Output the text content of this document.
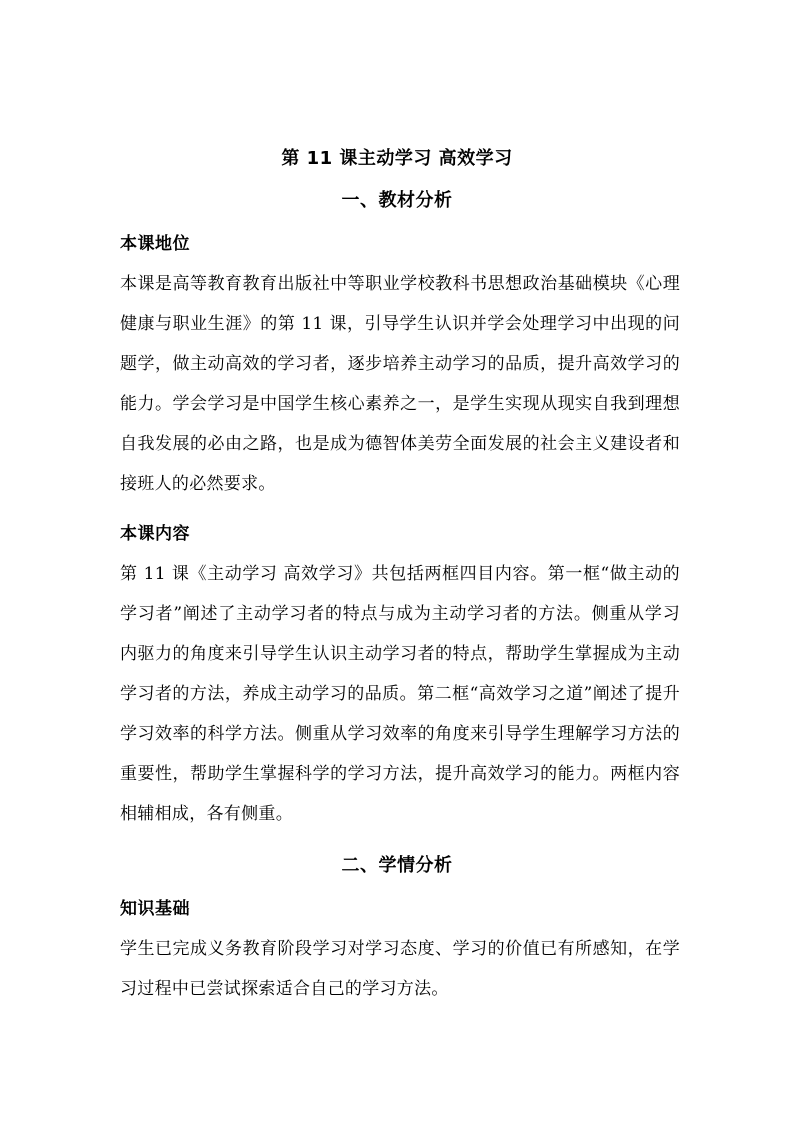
第 11 课主动学习 高效学习
一、教材分析
本课地位

本课是高等教育教育出版社中等职业学校教科书思想政治基础模块《心理健康与职业生涯》的第 11 课，引导学生认识并学会处理学习中出现的问题学，做主动高效的学习者，逐步培养主动学习的品质，提升高效学习的能力。学会学习是中国学生核心素养之一，是学生实现从现实自我到理想自我发展的必由之路，也是成为德智体美劳全面发展的社会主义建设者和接班人的必然要求。

本课内容

第 11 课《主动学习 高效学习》共包括两框四目内容。第一框“做主动的学习者”阐述了主动学习者的特点与成为主动学习者的方法。侧重从学习内驱力的角度来引导学生认识主动学习者的特点，帮助学生掌握成为主动学习者的方法，养成主动学习的品质。第二框“高效学习之道”阐述了提升学习效率的科学方法。侧重从学习效率的角度来引导学生理解学习方法的重要性，帮助学生掌握科学的学习方法，提升高效学习的能力。两框内容相辅相成，各有侧重。

二、学情分析
知识基础

学生已完成义务教育阶段学习对学习态度、学习的价值已有所感知，在学习过程中已尝试探索适合自己的学习方法。
